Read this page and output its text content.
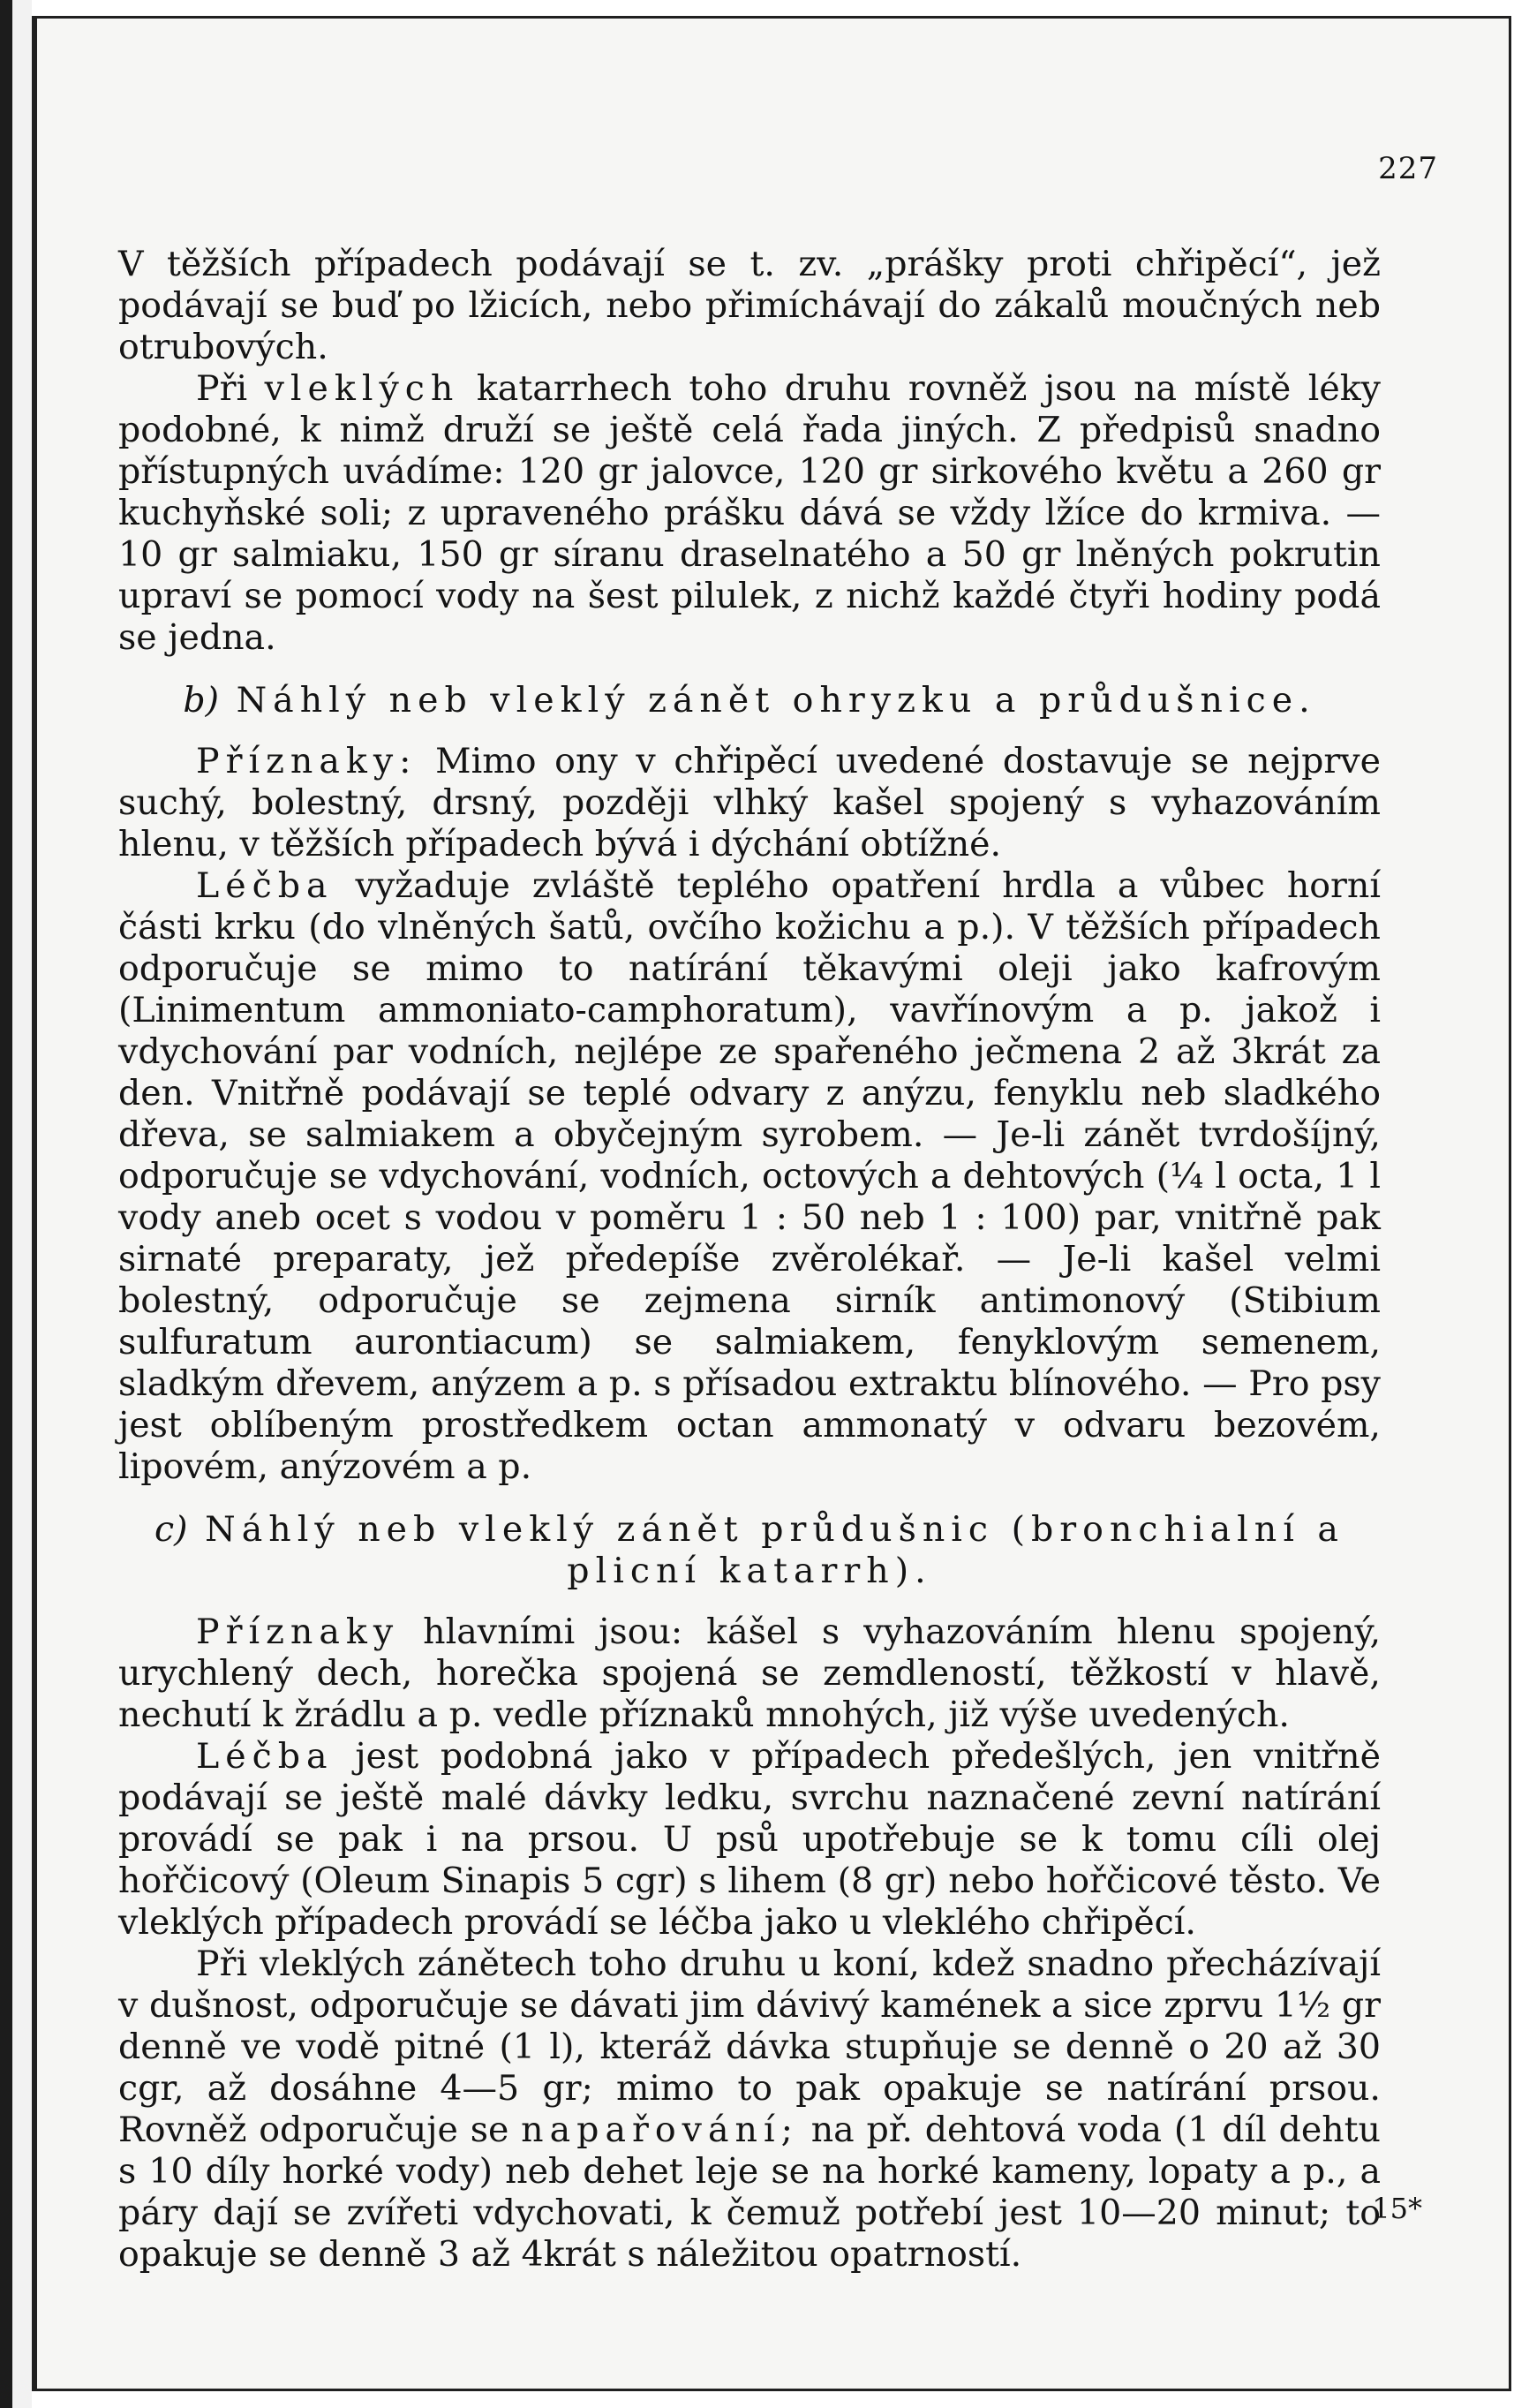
227

V těžších případech podávají se t. zv. „prášky proti chřipěcí“, jež podávají se buď po lžicích, nebo přimíchávají do zákalů moučných neb otrubových.

Při vleklých katarrhech toho druhu rovněž jsou na místě léky podobné, k nimž druží se ještě celá řada jiných. Z předpisů snadno přístupných uvádíme: 120 gr jalovce, 120 gr sirkového květu a 260 gr kuchyňské soli; z upraveného prášku dává se vždy lžíce do krmiva. — 10 gr salmiaku, 150 gr síranu draselnatého a 50 gr lněných pokrutin upraví se pomocí vody na šest pilulek, z nichž každé čtyři hodiny podá se jedna.

b) Náhlý neb vleklý zánět ohryzku a průdušnice.

Příznaky: Mimo ony v chřipěcí uvedené dostavuje se nejprve suchý, bolestný, drsný, později vlhký kašel spojený s vyhazováním hlenu, v těžších případech bývá i dýchání obtížné.

Léčba vyžaduje zvláště teplého opatření hrdla a vůbec horní části krku (do vlněných šatů, ovčího kožichu a p.). V těžších případech odporučuje se mimo to natírání těkavými oleji jako kafrovým (Linimentum ammoniato-camphoratum), vavřínovým a p. jakož i vdychování par vodních, nejlépe ze spařeného ječmena 2 až 3krát za den. Vnitřně podávají se teplé odvary z anýzu, fenyklu neb sladkého dřeva, se salmiakem a obyčejným syrobem. — Je-li zánět tvrdošíjný, odporučuje se vdychování, vodních, octových a dehtových (¼ l octa, 1 l vody aneb ocet s vodou v poměru 1 : 50 neb 1 : 100) par, vnitřně pak sirnaté preparaty, jež předepíše zvěrolékař. — Je-li kašel velmi bolestný, odporučuje se zejmena sirník antimonový (Stibium sulfuratum aurontiacum) se salmiakem, fenyklovým semenem, sladkým dřevem, anýzem a p. s přísadou extraktu blínového. — Pro psy jest oblíbeným prostředkem octan ammonatý v odvaru bezovém, lipovém, anýzovém a p.

c) Náhlý neb vleklý zánět průdušnic (bronchialní a plicní katarrh).

Příznaky hlavními jsou: kášel s vyhazováním hlenu spojený, urychlený dech, horečka spojená se zemdleností, těžkostí v hlavě, nechutí k žrádlu a p. vedle příznaků mnohých, již výše uvedených.

Léčba jest podobná jako v případech předešlých, jen vnitřně podávají se ještě malé dávky ledku, svrchu naznačené zevní natírání provádí se pak i na prsou. U psů upotřebuje se k tomu cíli olej hořčicový (Oleum Sinapis 5 cgr) s lihem (8 gr) nebo hořčicové těsto. Ve vleklých případech provádí se léčba jako u vleklého chřipěcí.

Při vleklých zánětech toho druhu u koní, kdež snadno přecházívají v dušnost, odporučuje se dávati jim dávivý kamének a sice zprvu 1½ gr denně ve vodě pitné (1 l), kteráž dávka stupňuje se denně o 20 až 30 cgr, až dosáhne 4—5 gr; mimo to pak opakuje se natírání prsou. Rovněž odporučuje se napařování; na př. dehtová voda (1 díl dehtu s 10 díly horké vody) neb dehet leje se na horké kameny, lopaty a p., a páry dají se zvířeti vdychovati, k čemuž potřebí jest 10—20 minut; to opakuje se denně 3 až 4krát s náležitou opatrností.

15*
